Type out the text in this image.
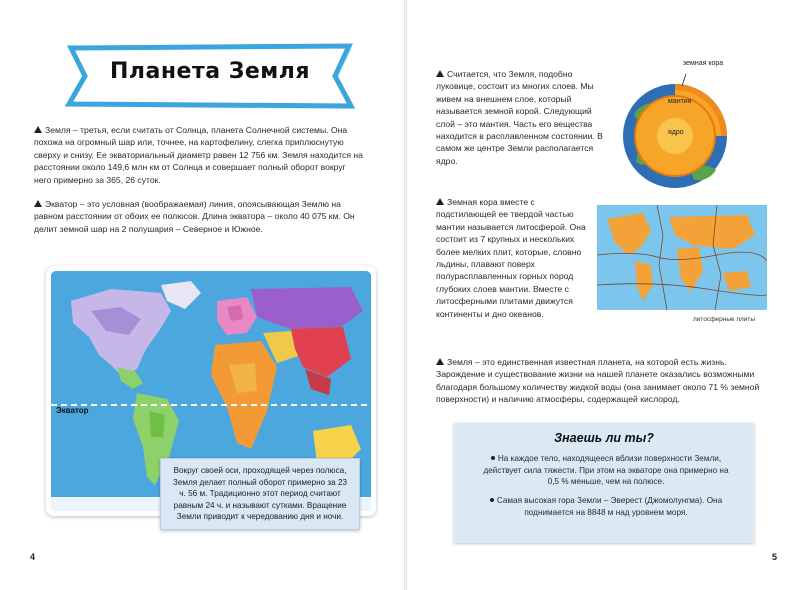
Планета Земля
Земля – третья, если считать от Солнца, планета Солнечной системы. Она похожа на огромный шар или, точнее, на картофелину, слегка приплюснутую сверху и снизу. Ее экваториальный диаметр равен 12 756 км. Земля находится на расстоянии около 149,6 млн км от Солнца и совершает полный оборот вокруг него примерно за 365, 26 суток.
Экватор – это условная (воображаемая) линия, опоясывающая Землю на равном расстоянии от обоих ее полюсов. Длина экватора – около 40 075 км. Он делит земной шар на 2 полушария – Северное и Южное.
Экватор
Вокруг своей оси, проходящей через полюса, Земля делает полный оборот примерно за 23 ч. 56 м. Традиционно этот период считают равным 24 ч. и называют сутками. Вращение Земли приводит к чередованию дня и ночи.
4
Считается, что Земля, подобно луковице, состоит из многих слоев. Мы живем на внешнем слое, который называется земной корой. Следующий слой – это мантия. Часть его вещества находится в расплавленном состоянии. В самом же центре Земли располагается ядро.
земная кора
мантия
ядро
Земная кора вместе с подстилающей ее твердой частью мантии называется литосферой. Она состоит из 7 крупных и нескольких более мелких плит, которые, словно льдины, плавают поверх полурасплавленных горных пород глубоких слоев мантии. Вместе с литосферными плитами движутся континенты и дно океанов.
литосферные плиты
Земля – это единственная известная планета, на которой есть жизнь. Зарождение и существование жизни на нашей планете оказались возможными благодаря большому количеству жидкой воды (она занимает около 71 % земной поверхности) и наличию атмосферы, содержащей кислород.
Знаешь ли ты?
На каждое тело, находящееся вблизи поверхности Земли, действует сила тяжести. При этом на экваторе она примерно на 0,5 % меньше, чем на полюсе.
Самая высокая гора Земли – Эверест (Джомолунгма). Она поднимается на 8848 м над уровнем моря.
5
